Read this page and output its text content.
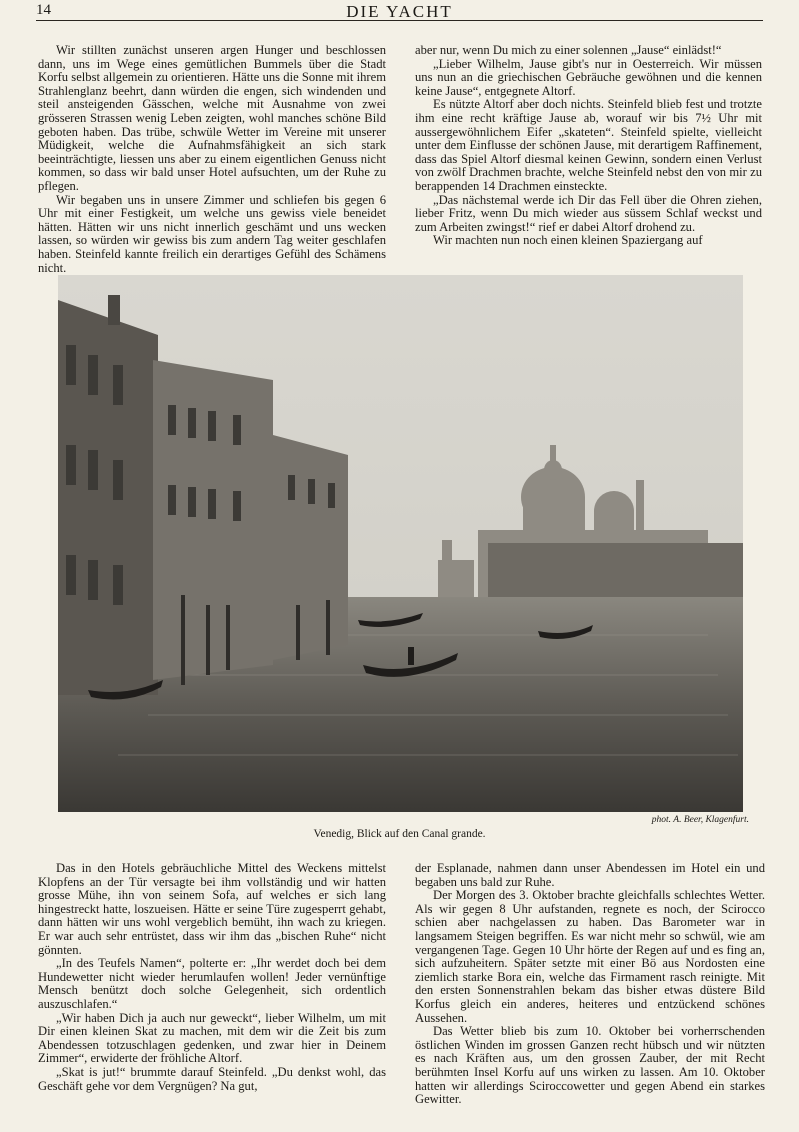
14	DIE YACHT

Wir stillten zunächst unseren argen Hunger und beschlossen dann, uns im Wege eines gemütlichen Bummels über die Stadt Korfu selbst allgemein zu orientieren. Hätte uns die Sonne mit ihrem Strahlenglanz beehrt, dann würden die engen, sich windenden und steil ansteigenden Gässchen, welche mit Ausnahme von zwei grösseren Strassen wenig Leben zeigten, wohl manches schöne Bild geboten haben. Das trübe, schwüle Wetter im Vereine mit unserer Müdigkeit, welche die Aufnahmsfähigkeit an sich stark beeinträchtigte, liessen uns aber zu einem eigentlichen Genuss nicht kommen, so dass wir bald unser Hotel aufsuchten, um der Ruhe zu pflegen.

Wir begaben uns in unsere Zimmer und schliefen bis gegen 6 Uhr mit einer Festigkeit, um welche uns gewiss viele beneidet hätten. Hätten wir uns nicht innerlich geschämt und uns wecken lassen, so würden wir gewiss bis zum andern Tag weiter geschlafen haben. Steinfeld kannte freilich ein derartiges Gefühl des Schämens nicht.

aber nur, wenn Du mich zu einer solennen „Jause“ einlädst!“

„Lieber Wilhelm, Jause gibt's nur in Oesterreich. Wir müssen uns nun an die griechischen Gebräuche gewöhnen und die kennen keine Jause“, entgegnete Altorf.

Es nützte Altorf aber doch nichts. Steinfeld blieb fest und trotzte ihm eine recht kräftige Jause ab, worauf wir bis 7½ Uhr mit aussergewöhnlichem Eifer „skateten“. Steinfeld spielte, vielleicht unter dem Einflusse der schönen Jause, mit derartigem Raffinement, dass das Spiel Altorf diesmal keinen Gewinn, sondern einen Verlust von zwölf Drachmen brachte, welche Steinfeld nebst den von mir zu berappenden 14 Drachmen einsteckte.

„Das nächstemal werde ich Dir das Fell über die Ohren ziehen, lieber Fritz, wenn Du mich wieder aus süssem Schlaf weckst und zum Arbeiten zwingst!“ rief er dabei Altorf drohend zu.

Wir machten nun noch einen kleinen Spaziergang auf

phot. A. Beer, Klagenfurt.
Venedig, Blick auf den Canal grande.

Das in den Hotels gebräuchliche Mittel des Weckens mittelst Klopfens an der Tür versagte bei ihm vollständig und wir hatten grosse Mühe, ihn von seinem Sofa, auf welches er sich lang hingestreckt hatte, loszueisen. Hätte er seine Türe zugesperrt gehabt, dann hätten wir uns wohl vergeblich bemüht, ihn wach zu kriegen. Er war auch sehr entrüstet, dass wir ihm das „bischen Ruhe“ nicht gönnten.

„In des Teufels Namen“, polterte er: „Ihr werdet doch bei dem Hundewetter nicht wieder herumlaufen wollen! Jeder vernünftige Mensch benützt doch solche Gelegenheit, sich ordentlich auszuschlafen.“

„Wir haben Dich ja auch nur geweckt“, lieber Wilhelm, um mit Dir einen kleinen Skat zu machen, mit dem wir die Zeit bis zum Abendessen totzuschlagen gedenken, und zwar hier in Deinem Zimmer“, erwiderte der fröhliche Altorf.

„Skat is jut!“ brummte darauf Steinfeld. „Du denkst wohl, das Geschäft gehe vor dem Vergnügen? Na gut,

der Esplanade, nahmen dann unser Abendessen im Hotel ein und begaben uns bald zur Ruhe.

Der Morgen des 3. Oktober brachte gleichfalls schlechtes Wetter. Als wir gegen 8 Uhr aufstanden, regnete es noch, der Scirocco schien aber nachgelassen zu haben. Das Barometer war in langsamem Steigen begriffen. Es war nicht mehr so schwül, wie am vergangenen Tage. Gegen 10 Uhr hörte der Regen auf und es fing an, sich aufzuheitern. Später setzte mit einer Bö aus Nordosten eine ziemlich starke Bora ein, welche das Firmament rasch reinigte. Mit den ersten Sonnenstrahlen bekam das bisher etwas düstere Bild Korfus gleich ein anderes, heiteres und entzückend schönes Aussehen.

Das Wetter blieb bis zum 10. Oktober bei vorherrschenden östlichen Winden im grossen Ganzen recht hübsch und wir nützten es nach Kräften aus, um den grossen Zauber, der mit Recht berühmten Insel Korfu auf uns wirken zu lassen. Am 10. Oktober hatten wir allerdings Sciroccowetter und gegen Abend ein starkes Gewitter.
